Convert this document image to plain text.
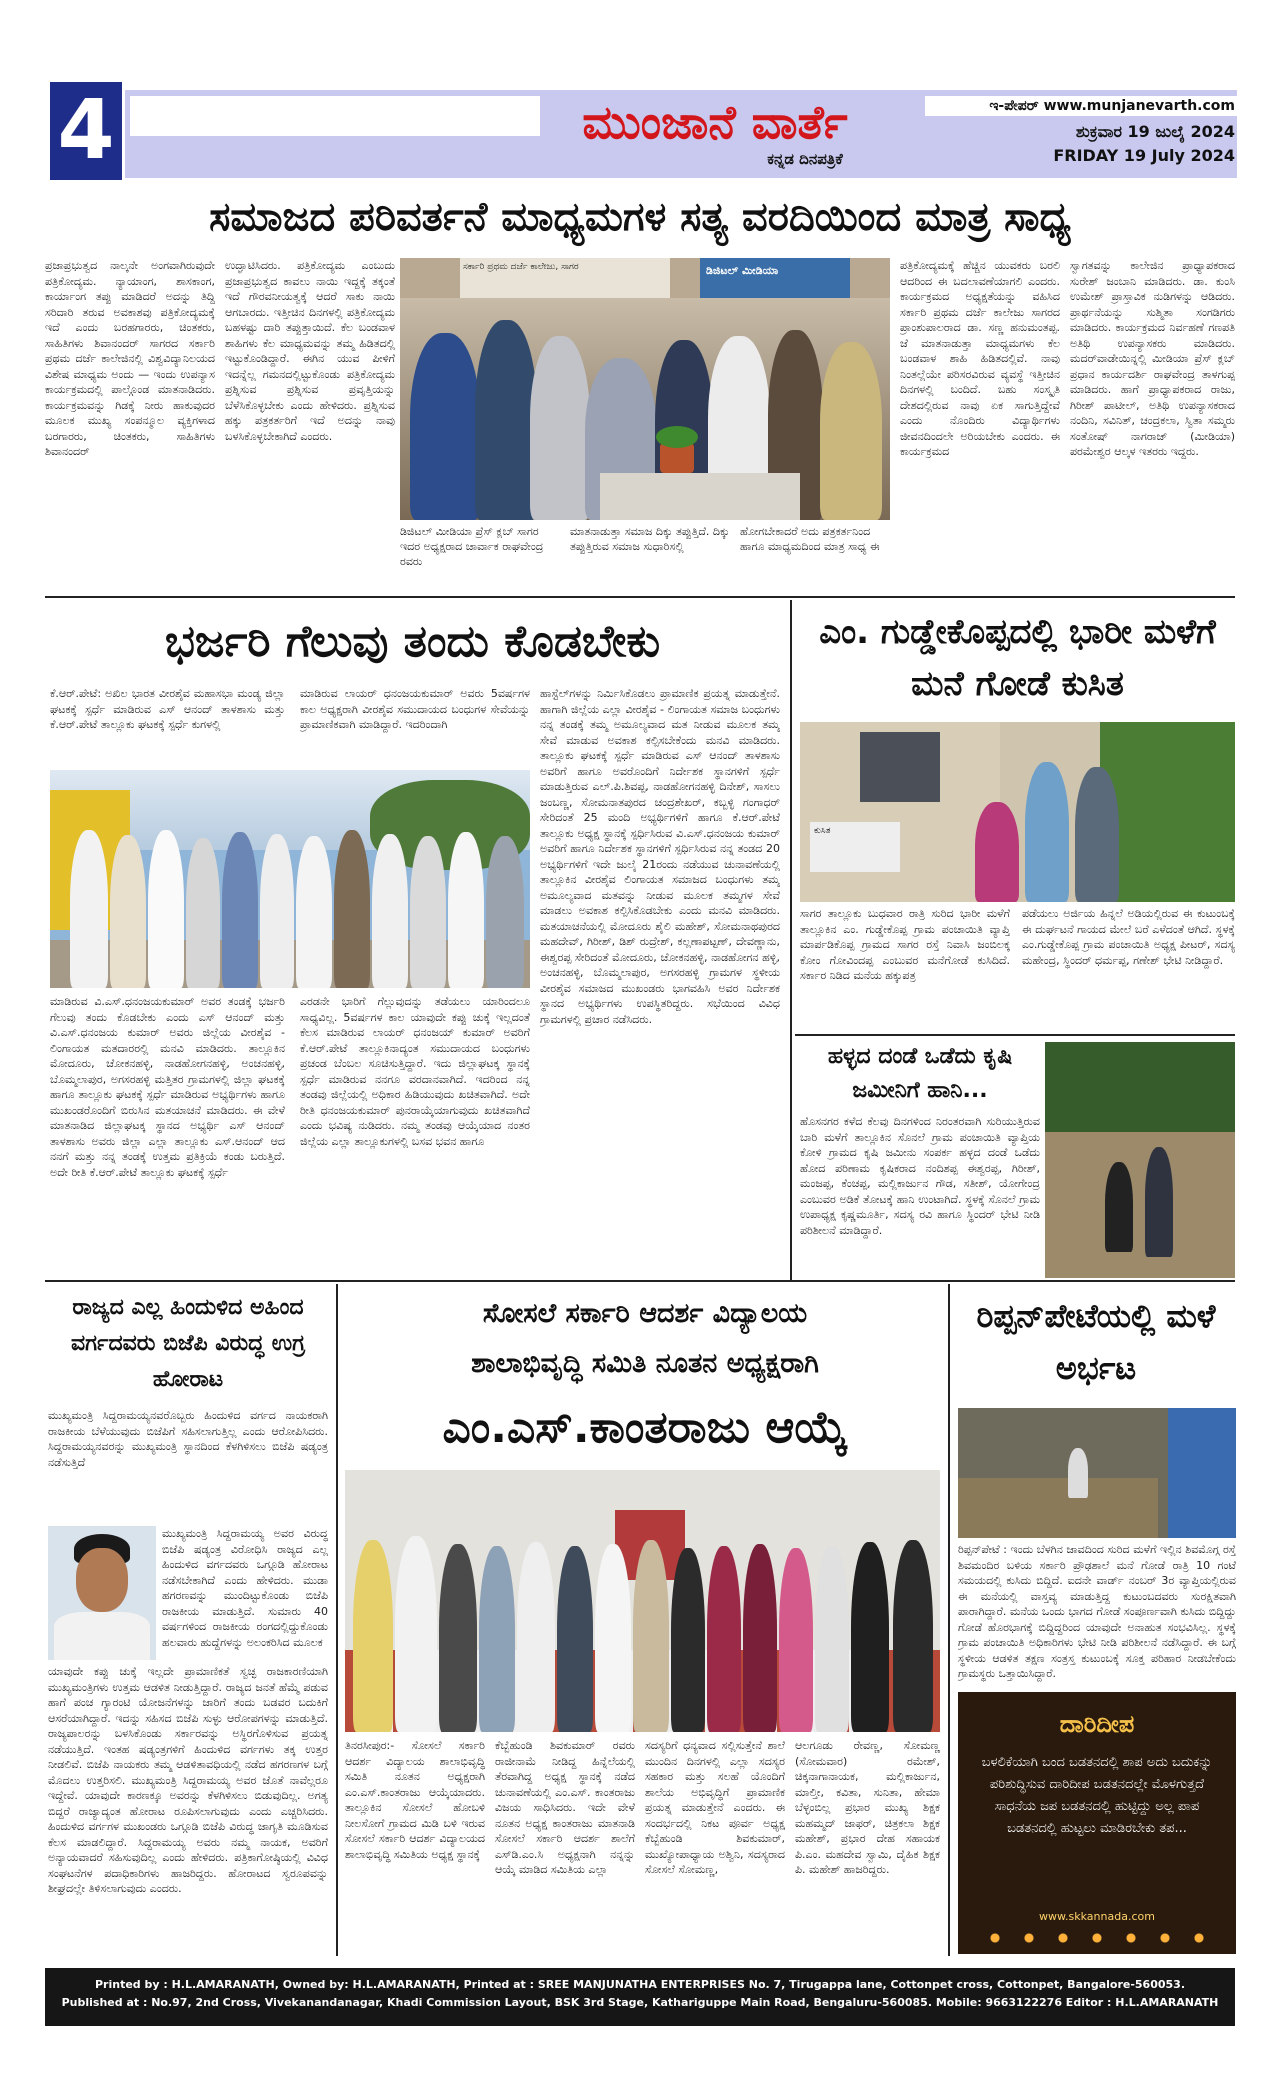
4	ಮುಂಜಾನೆ ವಾರ್ತೆ
ಕನ್ನಡ ದಿನಪತ್ರಿಕೆ
ಇ-ಪೇಪರ್ www.munjanevarth.com
ಶುಕ್ರವಾರ 19 ಜುಲೈ 2024
FRIDAY 19 July 2024
ಸಮಾಜದ ಪರಿವರ್ತನೆ ಮಾಧ್ಯಮಗಳ ಸತ್ಯ ವರದಿಯಿಂದ ಮಾತ್ರ ಸಾಧ್ಯ
ಪ್ರಜಾಪ್ರಭುತ್ವದ ನಾಲ್ಕನೇ ಅಂಗವಾಗಿರುವುದೇ ಪತ್ರಿಕೋದ್ಯಮ. ನ್ಯಾಯಾಂಗ, ಶಾಸಕಾಂಗ, ಕಾರ್ಯಾಂಗ ತಪ್ಪು ಮಾಡಿದರೆ ಅದನ್ನು ತಿದ್ದಿ ಸರಿದಾರಿ ತರುವ ಅವಕಾಶವು ಪತ್ರಿಕೋದ್ಯಮಕ್ಕೆ ಇದೆ ಎಂದು ಬರಹಗಾರರು, ಚಿಂತಕರು, ಸಾಹಿತಿಗಳು ಶಿವಾನಂದರ್ ಸಾಗರದ ಸರ್ಕಾರಿ ಪ್ರಥಮ ದರ್ಜೆ ಕಾಲೇಜಿನಲ್ಲಿ ವಿಶ್ವವಿದ್ಯಾನಿಲಯದ ವಿಶೇಷ ಮಾಧ್ಯಮ ಅಂದು — ಇಂದು ಉಪನ್ಯಾಸ ಕಾರ್ಯಕ್ರಮದಲ್ಲಿ ಪಾಲ್ಗೊಂಡ ಮಾತನಾಡಿದರು. ಕಾರ್ಯಕ್ರಮವನ್ನು ಗಿಡಕ್ಕೆ ನೀರು ಹಾಕುವುದರ ಮೂಲಕ ಮುಖ್ಯ ಸಂಪನ್ಮೂಲ ವ್ಯಕ್ತಿಗಳಾದ ಬರಗಾರರು, ಚಿಂತಕರು, ಸಾಹಿತಿಗಳು ಶಿವಾನಂದರ್
ಉದ್ಘಾಟಿಸಿದರು. ಪತ್ರಿಕೋದ್ಯಮ ಎಂಬುದು ಪ್ರಜಾಪ್ರಭುತ್ವದ ಕಾವಲು ನಾಯಿ ಇದ್ದಕ್ಕೆ ತಕ್ಕಂತೆ ಇದೆ ಗೌರವನೀಯತ್ವಕ್ಕೆ ಆದರೆ ಸಾಕು ನಾಯಿ ಆಗಬಾರದು. ಇತ್ತೀಚಿನ ದಿನಗಳಲ್ಲಿ ಪತ್ರಿಕೋದ್ಯಮ ಬಹಳಷ್ಟು ದಾರಿ ತಪ್ಪುತ್ತಾಯಿದೆ. ಕೆಲ ಬಂಡವಾಳ ಶಾಹಿಗಳು ಕೆಲ ಮಾಧ್ಯಮವನ್ನು ತಮ್ಮ ಹಿಡಿತದಲ್ಲಿ ಇಟ್ಟುಕೊಂಡಿದ್ದಾರೆ. ಈಗಿನ ಯುವ ಪೀಳಿಗೆ ಇದನ್ನೆಲ್ಲ ಗಮನದಲ್ಲಿಟ್ಟುಕೊಂಡು ಪತ್ರಿಕೋದ್ಯಮ ಪ್ರಶ್ನಿಸುವ ಪ್ರಶ್ನಿಸುವ ಪ್ರವೃತ್ತಿಯನ್ನು ಬೆಳೆಸಿಕೊಳ್ಳಬೇಕು ಎಂದು ಹೇಳಿದರು. ಪ್ರಶ್ನಿಸುವ ಹಕ್ಕು ಪತ್ರಕರ್ತರಿಗೆ ಇದೆ ಅದನ್ನು ನಾವು ಬಳಸಿಕೊಳ್ಳಬೇಕಾಗಿದೆ ಎಂದರು.
ಸರ್ಕಾರಿ ಪ್ರಥಮ ದರ್ಜೆ ಕಾಲೇಜು, ಸಾಗರ	ಡಿಜಿಟಲ್ ಮೀಡಿಯಾ
ಡಿಜಿಟಲ್ ಮೀಡಿಯಾ ಪ್ರೆಸ್ ಕ್ಲಬ್ ಸಾಗರ ಇದರ ಅಧ್ಯಕ್ಷರಾದ ಚಾರ್ವಾಕ ರಾಘವೇಂದ್ರ ರವರು
ಮಾತನಾಡುತ್ತಾ ಸಮಾಜ ದಿಕ್ಕು ತಪ್ಪುತ್ತಿದೆ. ದಿಕ್ಕು ತಪ್ಪುತ್ತಿರುವ ಸಮಾಜ ಸುಧಾರಿಸಲ್ಲಿ
ಹೋಗಬೇಕಾದರೆ ಅದು ಪತ್ರಕರ್ತನಿಂದ ಹಾಗೂ ಮಾಧ್ಯಮದಿಂದ ಮಾತ್ರ ಸಾಧ್ಯ ಈ
ಪತ್ರಿಕೋದ್ಯಮಕ್ಕೆ ಹೆಚ್ಚಿನ ಯುವಕರು ಬರಲಿ ಆದರಿಂದ ಈ ಬದಲಾವಣೆಯಾಗಲಿ ಎಂದರು. ಕಾರ್ಯಕ್ರಮದ ಅಧ್ಯಕ್ಷತೆಯನ್ನು ವಹಿಸಿದ ಸರ್ಕಾರಿ ಪ್ರಥಮ ದರ್ಜೆ ಕಾಲೇಜು ಸಾಗರದ ಪ್ರಾಂಶುಪಾಲರಾದ ಡಾ. ಸಣ್ಣ ಹನುಮಂತಪ್ಪ. ಜೆ ಮಾತನಾಡುತ್ತಾ ಮಾಧ್ಯಮಗಳು ಕೆಲ ಬಂಡವಾಳ ಶಾಹಿ ಹಿಡಿತದಲ್ಲಿವೆ. ನಾವು ನಿಂತಲ್ಲೆಯೇ ಪರಿಸರವಿರುವ ವ್ಯವಸ್ಥೆ ಇತ್ತೀಚಿನ ದಿನಗಳಲ್ಲಿ ಬಂದಿದೆ. ಬಹು ಸಂಸ್ಕೃತಿ ದೇಶದಲ್ಲಿರುವ ನಾವು ಏಕ ಸಾಗುತ್ತಿದ್ದೇವೆ ಎಂದು ನೊಂದಿರು ವಿದ್ಯಾರ್ಥಿಗಳು ಜೀವನದಿಂದಲೇ ಅರಿಯಬೇಕು ಎಂದರು. ಈ ಕಾರ್ಯಕ್ರಮದ
ಸ್ವಾಗತವನ್ನು ಕಾಲೇಜಿನ ಪ್ರಾಧ್ಯಾಪಕರಾದ ಸುರೇಶ್ ಜಂಬಾನಿ ಮಾಡಿದರು. ಡಾ. ಕುಂಸಿ ಉಮೇಶ್ ಪ್ರಾಸ್ತಾವಿಕ ನುಡಿಗಳನ್ನು ಆಡಿದರು. ಪ್ರಾರ್ಥನೆಯನ್ನು ಸುಶ್ಮಿತಾ ಸಂಗಡಿಗರು ಮಾಡಿದರು. ಕಾರ್ಯಕ್ರಮದ ನಿರ್ವಹಣೆ ಗಣಪತಿ ಅತಿಥಿ ಉಪನ್ಯಾಸಕರು ಮಾಡಿದರು. ಮದರ್‌ವಾಡೇಯಿನ್ನಲ್ಲಿ ಮೀಡಿಯಾ ಪ್ರೆಸ್ ಕ್ಲಬ್ ಪ್ರಧಾನ ಕಾರ್ಯದರ್ಶಿ ರಾಘವೇಂದ್ರ ತಾಳಗುಪ್ಪ ಮಾಡಿದರು. ಹಾಗೆ ಪ್ರಾಧ್ಯಾಪಕರಾದ ರಾಜು, ಗಿರೀಶ್ ಪಾಟೀಲ್, ಅತಿಥಿ ಉಪನ್ಯಾಸಕರಾದ ನಂದಿನಿ, ಸವಿನಿತ್, ಚಂದ್ರಕಲಾ, ಸ್ವಿತಾ ಸಮ್ಮರು ಸಂತೋಷ್ ನಾಗರಾಜ್ (ಮೀಡಿಯಾ) ಪರಮೇಶ್ವರ ಆಲ್ಕಳ ಇತರರು ಇದ್ದರು.
ಭರ್ಜರಿ ಗೆಲುವು ತಂದು ಕೊಡಬೇಕು
ಕೆ.ಆರ್.ಪೇಟೆ: ಅಖಿಲ ಭಾರತ ವೀರಶೈವ ಮಹಾಸಭಾ ಮಂಡ್ಯ ಜಿಲ್ಲಾ ಘಟಕಕ್ಕೆ ಸ್ಪರ್ಧೆ ಮಾಡಿರುವ ಎಸ್ ಆನಂದ್ ತಾಳಶಾಸು ಮತ್ತು ಕೆ.ಆರ್.ಪೇಟೆ ತಾಲ್ಲೂಕು ಘಟಕಕ್ಕೆ ಸ್ಪರ್ಧೆ ಕುಗಳಲ್ಲಿ
ಮಾಡಿರುವ ಲಾಯರ್ ಧನಂಜಯಕುಮಾರ್ ಅವರು 5ವರ್ಷಗಳ ಕಾಲ ಅಧ್ಯಕ್ಷರಾಗಿ ವೀರಶೈವ ಸಮುದಾಯದ ಬಂಧುಗಳ ಸೇವೆಯನ್ನು ಪ್ರಾಮಾಣಿಕವಾಗಿ ಮಾಡಿದ್ದಾರೆ. ಇದರಿಂದಾಗಿ
ಹಾಸ್ಟೆಲ್‌ಗಳನ್ನು ನಿರ್ಮಿಸಿಕೊಡಲು ಪ್ರಾಮಾಣಿಕ ಪ್ರಯತ್ನ ಮಾಡುತ್ತೇನೆ. ಹಾಗಾಗಿ ಜಿಲ್ಲೆಯ ಎಲ್ಲಾ ವೀರಶೈವ - ಲಿಂಗಾಯತ ಸಮಾಜ ಬಂಧುಗಳು ನನ್ನ ತಂಡಕ್ಕೆ ತಮ್ಮ ಅಮೂಲ್ಯವಾದ ಮತ ನೀಡುವ ಮೂಲಕ ತಮ್ಮ ಸೇವೆ ಮಾಡುವ ಅವಕಾಶ ಕಲ್ಪಿಸಬೇಕೆಂದು ಮನವಿ ಮಾಡಿದರು. ತಾಲ್ಲೂಕು ಘಟಕಕ್ಕೆ ಸ್ಪರ್ಧೆ ಮಾಡಿರುವ ಎಸ್ ಆನಂದ್ ತಾಳಶಾಸು ಅವರಿಗೆ ಹಾಗೂ ಅವರೊಂದಿಗೆ ನಿರ್ದೇಶಕ ಸ್ಥಾನಗಳಿಗೆ ಸ್ಪರ್ಧೆ ಮಾಡುತ್ತಿರುವ ಎಲ್.ಪಿ.ಶಿವಪ್ಪ, ನಾಡಹೋಗನಹಳ್ಳಿ ದಿನೇಶ್, ಸಾಸಲು ಜಂಬಣ್ಣ, ಸೋಮನಾತಪುರದ ಚಂದ್ರಶೇಖರ್, ಕಬ್ಬಳ್ಳಿ ಗಂಗಾಧರ್ ಸೇರಿದಂತೆ 25 ಮಂದಿ ಅಭ್ಯರ್ಥಿಗಳಿಗೆ ಹಾಗೂ ಕೆ.ಆರ್.ಪೇಟೆ ತಾಲ್ಲೂಕು ಅಧ್ಯಕ್ಷ ಸ್ಥಾನಕ್ಕೆ ಸ್ಪರ್ಧಿಸಿರುವ ವಿ.ಎಸ್.ಧನಂಜಯ ಕುಮಾರ್ ಅವರಿಗೆ ಹಾಗೂ ನಿರ್ದೇಶಕ ಸ್ಥಾನಗಳಿಗೆ ಸ್ಪರ್ಧಿಸಿರುವ ನನ್ನ ತಂಡದ 20 ಅಭ್ಯರ್ಥಿಗಳಿಗೆ ಇದೇ ಜುಲೈ 21ರಂದು ನಡೆಯುವ ಚುನಾವಣೆಯಲ್ಲಿ ತಾಲ್ಲೂಕಿನ ವೀರಶೈವ ಲಿಂಗಾಯತ ಸಮಾಜದ ಬಂಧುಗಳು ತಮ್ಮ ಅಮೂಲ್ಯವಾದ ಮತವನ್ನು ನೀಡುವ ಮೂಲಕ ತಮ್ಮಗಳ ಸೇವೆ ಮಾಡಲು ಅವಕಾಶ ಕಲ್ಪಿಸಿಕೊಡಬೇಕು ಎಂದು ಮನವಿ ಮಾಡಿದರು. ಮತಯಾಚನೆಯಲ್ಲಿ ಮೋದೂರು ಶೈಲಿ ಮಹೇಶ್, ಸೋಮನಾಥಪುರದ ಮಹದೇವ್, ಗಿರೀಶ್, ಡಿಶ್ ರುದ್ರೇಶ್, ಕಲ್ಲಣಾಪಟ್ಟಣ್, ದೇವಣ್ಣಾನು, ಈಶ್ವರಪ್ಪ ಸೇರಿದಂತೆ ಮೋದೂರು, ಚೋಕನಹಳ್ಳಿ, ನಾಡಹೋಗನ ಹಳ್ಳಿ, ಅಂಚನಹಳ್ಳಿ, ಬೊಮ್ಮಲಾಪುರ, ಅಗಸರಹಳ್ಳಿ ಗ್ರಾಮಗಳ ಸ್ಥಳೀಯ ವೀರಶೈವ ಸಮಾಜದ ಮುಖಂಡರು ಭಾಗವಹಿಸಿ ಅವರ ನಿರ್ದೇಶಕ ಸ್ಥಾನದ ಅಭ್ಯರ್ಥಿಗಳು ಉಪಸ್ಥಿತರಿದ್ದರು. ಸಭೆಯಿಂದ ವಿವಿಧ ಗ್ರಾಮಗಳಲ್ಲಿ ಪ್ರಚಾರ ನಡೆಸಿದರು.
ಮಾಡಿರುವ ವಿ.ಎಸ್.ಧನಂಜಯಕುಮಾರ್ ಅವರ ತಂಡಕ್ಕೆ ಭರ್ಜರಿ ಗೆಲುವು ತಂದು ಕೊಡಬೇಕು ಎಂದು ಎಸ್ ಆನಂದ್ ಮತ್ತು ವಿ.ಎಸ್.ಧನಂಜಯ ಕುಮಾರ್ ಅವರು ಜಿಲ್ಲೆಯ ವೀರಶೈವ - ಲಿಂಗಾಯತ ಮತದಾರರಲ್ಲಿ ಮನವಿ ಮಾಡಿದರು. ತಾಲ್ಲೂಕಿನ ಮೋದೂರು, ಚೋಕನಹಳ್ಳಿ, ನಾಡಹೋಗನಹಳ್ಳಿ, ಅಂಚನಹಳ್ಳಿ, ಬೊಮ್ಮಲಾಪುರ, ಅಗಸರಹಳ್ಳಿ ಮತ್ತಿತರ ಗ್ರಾಮಗಳಲ್ಲಿ ಜಿಲ್ಲಾ ಘಟಕಕ್ಕೆ ಹಾಗೂ ತಾಲ್ಲೂಕು ಘಟಕಕ್ಕೆ ಸ್ಪರ್ಧೆ ಮಾಡಿರುವ ಅಭ್ಯರ್ಥಿಗಳು ಹಾಗೂ ಮುಖಂಡರೊಂದಿಗೆ ಬಿರುಸಿನ ಮತಯಾಚನೆ ಮಾಡಿದರು. ಈ ವೇಳೆ ಮಾತನಾಡಿದ ಜಿಲ್ಲಾಘಟಕ್ಕ ಸ್ಥಾನದ ಅಭ್ಯರ್ಥಿ ಎಸ್ ಆನಂದ್ ತಾಳಶಾಸು ಅವರು ಜಿಲ್ಲಾ ಎಲ್ಲಾ ತಾಲ್ಲೂಕು ಎಸ್.ಆನಂದ್ ಆದ ನನಗೆ ಮತ್ತು ನನ್ನ ತಂಡಕ್ಕೆ ಉತ್ತಮ ಪ್ರತಿಕ್ರಿಯೆ ಕಂಡು ಬರುತ್ತಿದೆ. ಅದೇ ರೀತಿ ಕೆ.ಆರ್.ಪೇಟೆ ತಾಲ್ಲೂಕು ಘಟಕಕ್ಕೆ ಸ್ಪರ್ಧೆ
ಎರಡನೇ ಭಾರಿಗೆ ಗೆಲ್ಲುವುದನ್ನು ತಡೆಯಲು ಯಾರಿಂದಲೂ ಸಾಧ್ಯವಿಲ್ಲ. 5ವರ್ಷಗಳ ಕಾಲ ಯಾವುದೇ ಕಪ್ಪು ಚುಕ್ಕೆ ಇಲ್ಲದಂತೆ ಕೆಲಸ ಮಾಡಿರುವ ಲಾಯರ್ ಧನಂಜಯ್ ಕುಮಾರ್ ಅವರಿಗೆ ಕೆ.ಆರ್.ಪೇಟೆ ತಾಲ್ಲೂಕಿನಾದ್ಯಂತ ಸಮುದಾಯದ ಬಂಧುಗಳು ಪ್ರಚಂಡ ಬೆಂಬಲ ಸೂಚಿಸುತ್ತಿದ್ದಾರೆ. ಇದು ಜಿಲ್ಲಾಘಟಕ್ಕ ಸ್ಥಾನಕ್ಕೆ ಸ್ಪರ್ಧೆ ಮಾಡಿರುವ ನನಗೂ ವರದಾನವಾಗಿದೆ. ಇದರಿಂದ ನನ್ನ ತಂಡವು ಜಿಲ್ಲೆಯಲ್ಲಿ ಅಧಿಕಾರ ಹಿಡಿಯುವುದು ಖಚಿತವಾಗಿದೆ. ಅದೇ ರೀತಿ ಧನಂಜಯಕುಮಾರ್ ಪುನರಾಯ್ಕೆಯಾಗುವುದು ಖಚಿತವಾಗಿದೆ ಎಂದು ಭವಿಷ್ಯ ನುಡಿದರು. ನಮ್ಮ ತಂಡವು ಆಯ್ಕೆಯಾದ ನಂತರ ಜಿಲ್ಲೆಯ ಎಲ್ಲಾ ತಾಲ್ಲೂಕುಗಳಲ್ಲಿ ಬಸವ ಭವನ ಹಾಗೂ
ಎಂ. ಗುಡ್ಡೇಕೊಪ್ಪದಲ್ಲಿ ಭಾರೀ ಮಳೆಗೆ ಮನೆ ಗೋಡೆ ಕುಸಿತ
ಕುಸಿತ
ಸಾಗರ ತಾಲ್ಲೂಕು ಬುಧವಾರ ರಾತ್ರಿ ಸುರಿದ ಭಾರೀ ಮಳೆಗೆ ತಾಲ್ಲೂಕಿನ ಎಂ. ಗುಡ್ಡೇಕೊಪ್ಪ ಗ್ರಾಮ ಪಂಚಾಯಿತಿ ವ್ಯಾಪ್ತಿ ಮಾರ್ಪಡಿಕೊಪ್ಪ ಗ್ರಾಮದ ಸಾಗರ ರಸ್ತೆ ನಿವಾಸಿ ಜಂಬಿಲಕ್ಕ ಕೋಂ ಗೋವಿಂದಪ್ಪ ಎಂಬುವರ ಮನೆಗೋಡೆ ಕುಸಿದಿದೆ. ಸರ್ಕಾರ ನಿಡಿದ ಮನೆಯ ಹಕ್ಕುಪತ್ರ
ಪಡೆಯಲು ಅರ್ಜಿಯ ಹಿನ್ನಲೆ ಅಡಿಯಲ್ಲಿರುವ ಈ ಕುಟುಂಬಕ್ಕೆ ಈ ದುರ್ಘಟನೆ ಗಾಯದ ಮೇಲೆ ಬರೆ ಎಳೆದಂತೆ ಆಗಿದೆ. ಸ್ಥಳಕ್ಕೆ ಎಂ.ಗುಡ್ಡೇಕೊಪ್ಪ ಗ್ರಾಮ ಪಂಚಾಯಿತಿ ಅಧ್ಯಕ್ಷ ಪೀಟರ್, ಸದಸ್ಯ ಮಹೇಂದ್ರ, ಸ್ಥಿಂದರ್ ಧರ್ಮಪ್ಪ, ಗಣೇಶ್ ಭೇಟಿ ನೀಡಿದ್ದಾರೆ.
ಹಳ್ಳದ ದಂಡೆ ಒಡೆದು ಕೃಷಿ ಜಮೀನಿಗೆ ಹಾನಿ...
ಹೊಸನಗರ ಕಳೆದ ಕೆಲವು ದಿನಗಳಿಂದ ನಿರಂತರವಾಗಿ ಸುರಿಯುತ್ತಿರುವ ಬಾರಿ ಮಳೆಗೆ ತಾಲ್ಲೂಕಿನ ಸೊನಲೆ ಗ್ರಾಮ ಪಂಚಾಯಿತಿ ವ್ಯಾಪ್ತಿಯ ಕೋಳಿ ಗ್ರಾಮದ ಕೃಷಿ ಜಮೀನು ಸಂಪರ್ಕ ಹಳ್ಳದ ದಂಡೆ ಒಡೆದು ಹೋದ ಪರಿಣಾಮ ಕೃಷಿಕರಾದ ನಂದಿಶಪ್ಪ ಈಶ್ವರಪ್ಪ, ಗಿರೀಶ್, ಮಂಜಪ್ಪ, ಕೆಂಚಪ್ಪ, ಮಲ್ಲಿಕಾರ್ಜುನ ಗೌಡ, ಸತೀಶ್, ಯೋಗೇಂದ್ರ ಎಂಬುವರ ಅಡಿಕೆ ತೋಟಕ್ಕೆ ಹಾನಿ ಉಂಟಾಗಿದೆ. ಸ್ಥಳಕ್ಕೆ ಸೊನಲೆ ಗ್ರಾಮ ಉಪಾಧ್ಯಕ್ಷ ಕೃಷ್ಣಮೂರ್ತಿ, ಸದಸ್ಯ ರವಿ ಹಾಗೂ ಸ್ಥಿಂದರ್ ಭೇಟಿ ನೀಡಿ ಪರಿಶೀಲನೆ ಮಾಡಿದ್ದಾರೆ.
ರಾಜ್ಯದ ಎಲ್ಲ ಹಿಂದುಳಿದ ಅಹಿಂದ ವರ್ಗದವರು ಬಿಜೆಪಿ ವಿರುದ್ಧ ಉಗ್ರ ಹೋರಾಟ
ಮುಖ್ಯಮಂತ್ರಿ ಸಿದ್ದರಾಮಯ್ಯನವರೊಬ್ಬರು ಹಿಂದುಳಿದ ವರ್ಗದ ನಾಯಕರಾಗಿ ರಾಜಕೀಯ ಬೆಳೆಯುವುದು ಬಿಜೆಪಿಗೆ ಸಹಿಸಲಾಗುತ್ತಿಲ್ಲ ಎಂದು ಆರೋಪಿಸಿದರು. ಸಿದ್ದರಾಮಯ್ಯನವರನ್ನು ಮುಖ್ಯಮಂತ್ರಿ ಸ್ಥಾನದಿಂದ ಕೆಳಗಿಳಿಸಲು ಬಿಜೆಪಿ ಷಡ್ಯಂತ್ರ ನಡೆಸುತ್ತಿದೆ
ಮುಖ್ಯಮಂತ್ರಿ ಸಿದ್ದರಾಮಯ್ಯ ಅವರ ವಿರುದ್ಧ ಬಿಜೆಪಿ ಷಡ್ಯಂತ್ರ ವಿರೋಧಿಸಿ ರಾಜ್ಯದ ಎಲ್ಲ ಹಿಂದುಳಿದ ವರ್ಗದವರು ಒಗ್ಗೂಡಿ ಹೋರಾಟ ನಡೆಸಬೇಕಾಗಿದೆ ಎಂದು ಹೇಳಿದರು. ಮುಡಾ ಹಗರಣವನ್ನು ಮುಂದಿಟ್ಟುಕೊಂಡು ಬಿಜೆಪಿ ರಾಜಕೀಯ ಮಾಡುತ್ತಿದೆ. ಸುಮಾರು 40 ವರ್ಷಗಳಿಂದ ರಾಜಕೀಯ ರಂಗದಲ್ಲಿದ್ದುಕೊಂಡು ಹಲವಾರು ಹುದ್ದೆಗಳನ್ನು ಅಲಂಕರಿಸಿದ ಮೂಲಕ
ಯಾವುದೇ ಕಪ್ಪು ಚುಕ್ಕೆ ಇಲ್ಲದೇ ಪ್ರಾಮಾಣಿಕತೆ ಸ್ವಚ್ಛ ರಾಜಕಾರಣಿಯಾಗಿ ಮುಖ್ಯಮಂತ್ರಿಗಳು ಉತ್ತಮ ಆಡಳಿತ ನೀಡುತ್ತಿದ್ದಾರೆ. ರಾಜ್ಯದ ಜನತೆ ಹೆಮ್ಮೆ ಪಡುವ ಹಾಗೆ ಪಂಚ ಗ್ಯಾರಂಟಿ ಯೋಜನೆಗಳನ್ನು ಜಾರಿಗೆ ತಂದು ಬಡವರ ಬದುಕಿಗೆ ಆಸರೆಯಾಗಿದ್ದಾರೆ. ಇದನ್ನು ಸಹಿಸದ ಬಿಜೆಪಿ ಸುಳ್ಳು ಆರೋಪಗಳನ್ನು ಮಾಡುತ್ತಿದೆ. ರಾಜ್ಯಪಾಲರನ್ನು ಬಳಸಿಕೊಂಡು ಸರ್ಕಾರವನ್ನು ಅಸ್ಥಿರಗೊಳಿಸುವ ಪ್ರಯತ್ನ ನಡೆಯುತ್ತಿದೆ. ಇಂತಹ ಷಡ್ಯಂತ್ರಗಳಿಗೆ ಹಿಂದುಳಿದ ವರ್ಗಗಳು ತಕ್ಕ ಉತ್ತರ ನೀಡಲಿವೆ. ಬಿಜೆಪಿ ನಾಯಕರು ತಮ್ಮ ಆಡಳಿತಾವಧಿಯಲ್ಲಿ ನಡೆದ ಹಗರಣಗಳ ಬಗ್ಗೆ ಮೊದಲು ಉತ್ತರಿಸಲಿ. ಮುಖ್ಯಮಂತ್ರಿ ಸಿದ್ದರಾಮಯ್ಯ ಅವರ ಜೊತೆ ನಾವೆಲ್ಲರೂ ಇದ್ದೇವೆ. ಯಾವುದೇ ಕಾರಣಕ್ಕೂ ಅವರನ್ನು ಕೆಳಗಿಳಿಸಲು ಬಿಡುವುದಿಲ್ಲ. ಅಗತ್ಯ ಬಿದ್ದರೆ ರಾಜ್ಯಾದ್ಯಂತ ಹೋರಾಟ ರೂಪಿಸಲಾಗುವುದು ಎಂದು ಎಚ್ಚರಿಸಿದರು. ಹಿಂದುಳಿದ ವರ್ಗಗಳ ಮುಖಂಡರು ಒಗ್ಗೂಡಿ ಬಿಜೆಪಿ ವಿರುದ್ಧ ಜಾಗೃತಿ ಮೂಡಿಸುವ ಕೆಲಸ ಮಾಡಲಿದ್ದಾರೆ. ಸಿದ್ದರಾಮಯ್ಯ ಅವರು ನಮ್ಮ ನಾಯಕ, ಅವರಿಗೆ ಅನ್ಯಾಯವಾದರೆ ಸಹಿಸುವುದಿಲ್ಲ ಎಂದು ಹೇಳಿದರು. ಪತ್ರಿಕಾಗೋಷ್ಠಿಯಲ್ಲಿ ವಿವಿಧ ಸಂಘಟನೆಗಳ ಪದಾಧಿಕಾರಿಗಳು ಹಾಜರಿದ್ದರು. ಹೋರಾಟದ ಸ್ವರೂಪವನ್ನು ಶೀಘ್ರದಲ್ಲೇ ತಿಳಿಸಲಾಗುವುದು ಎಂದರು.
ಸೋಸಲೆ ಸರ್ಕಾರಿ ಆದರ್ಶ ವಿದ್ಯಾಲಯ
ಶಾಲಾಭಿವೃದ್ಧಿ ಸಮಿತಿ ನೂತನ ಅಧ್ಯಕ್ಷರಾಗಿ
ಎಂ.ಎಸ್.ಕಾಂತರಾಜು ಆಯ್ಕೆ
ತಿನರಸೀಪುರ:- ಸೋಸಲೆ ಸರ್ಕಾರಿ ಆದರ್ಶ ವಿದ್ಯಾಲಯ ಶಾಲಾಭಿವೃದ್ಧಿ ಸಮಿತಿ ನೂತನ ಅಧ್ಯಕ್ಷರಾಗಿ ಎಂ.ಎಸ್.ಕಾಂತರಾಜು ಆಯ್ಕೆಯಾದರು. ತಾಲ್ಲೂಕಿನ ಸೋಸಲೆ ಹೋಬಳಿ ನೀಲಸೋಗೆ ಗ್ರಾಮದ ಮಿಡಿ ಬಳಿ ಇರುವ ಸೋಸಲೆ ಸರ್ಕಾರಿ ಆದರ್ಶ ವಿದ್ಯಾಲಯದ ಶಾಲಾಭಿವೃದ್ಧಿ ಸಮಿತಿಯ ಅಧ್ಯಕ್ಷ ಸ್ಥಾನಕ್ಕೆ
ಕೆಬ್ಬೆಹುಂಡಿ ಶಿವಕುಮಾರ್ ರವರು ರಾಜೀನಾಮೆ ನೀಡಿದ್ದ ಹಿನ್ನೆಲೆಯಲ್ಲಿ ತೆರವಾಗಿದ್ದ ಅಧ್ಯಕ್ಷ ಸ್ಥಾನಕ್ಕೆ ನಡೆದ ಚುನಾವಣೆಯಲ್ಲಿ ಎಂ.ಎಸ್. ಕಾಂತರಾಜು ವಿಜಯ ಸಾಧಿಸಿದರು. ಇದೇ ವೇಳೆ ನೂತನ ಅಧ್ಯಕ್ಷ ಕಾಂತರಾಜು ಮಾತನಾಡಿ ಸೋಸಲೆ ಸರ್ಕಾರಿ ಆದರ್ಶ ಶಾಲೆಗೆ ಎಸ್‌ಡಿ.ಎಂ.ಸಿ ಅಧ್ಯಕ್ಷನಾಗಿ ನನ್ನನ್ನು ಆಯ್ಕೆ ಮಾಡಿದ ಸಮಿತಿಯ ಎಲ್ಲಾ
ಸದಸ್ಯರಿಗೆ ಧನ್ಯವಾದ ಸಲ್ಲಿಸುತ್ತೇನೆ ಶಾಲೆ ಮುಂದಿನ ದಿನಗಳಲ್ಲಿ ಎಲ್ಲಾ ಸದಸ್ಯರ ಸಹಕಾರ ಮತ್ತು ಸಲಹೆ ಯೊಂದಿಗೆ ಶಾಲೆಯ ಅಭಿವೃದ್ಧಿಗೆ ಪ್ರಾಮಾಣಿಕ ಪ್ರಯತ್ನ ಮಾಡುತ್ತೇನೆ ಎಂದರು. ಈ ಸಂದರ್ಭದಲ್ಲಿ ನಿಕಟ ಪೂರ್ವ ಅಧ್ಯಕ್ಷ ಕೆಬ್ಬೆಹುಂಡಿ ಶಿವಕುಮಾರ್, ಮುಖ್ಯೋಪಾಧ್ಯಾಯ ಅಶ್ವಿನಿ, ಸದಸ್ಯರಾದ ಸೋಸಲೆ ಸೋಮಣ್ಣ,
ಆಲಗೂಡು ರೇವಣ್ಣ, ಸೋಮಣ್ಣ (ಸೋಮವಾರ) ರಮೇಶ್, ಚಿಕ್ಕನಾಗಾನಾಯಕ, ಮಲ್ಲಿಕಾರ್ಜುನ, ಮಾಲ್ತೀ, ಕವಿತಾ, ಸುನಿತಾ, ಹೇಮಾ ಬೆಳ್ಳಂಬಿಲ್ಲ ಪ್ರಭಾರ ಮುಖ್ಯ ಶಿಕ್ಷಕ ಮಹಮ್ಮದ್ ಜಾಫರ್, ಚಿತ್ರಕಲಾ ಶಿಕ್ಷಕ ಮಹೇಶ್, ಪ್ರಭಾರ ದೇಹ ಸಹಾಯಕ ಪಿ.ಎಂ. ಮಹದೇವ ಸ್ವಾಮಿ, ದೈಹಿಕ ಶಿಕ್ಷಕ ಪಿ. ಮಹೇಶ್ ಹಾಜರಿದ್ದರು.
ರಿಪ್ಪನ್‌ಪೇಟೆಯಲ್ಲಿ ಮಳೆ ಅರ್ಭಟ
ರಿಪ್ಪನ್‌ಪೇಟೆ : ಇಂದು ಬೆಳಗಿನ ಜಾವದಿಂದ ಸುರಿದ ಮಳೆಗೆ ಇಲ್ಲಿನ ಶಿವಮೊಗ್ಗ ರಸ್ತೆ ಶಿವಮಂದಿರ ಬಳಿಯ ಸರ್ಕಾರಿ ಪ್ರೌಢಶಾಲೆ ಮನೆ ಗೋಡೆ ರಾತ್ರಿ 10 ಗಂಟೆ ಸಮಯದಲ್ಲಿ ಕುಸಿದು ಬಿದ್ದಿದೆ. ಐದನೇ ವಾರ್ಡ್ ನಂಬರ್ 3ರ ವ್ಯಾಪ್ತಿಯಲ್ಲಿರುವ ಈ ಮನೆಯಲ್ಲಿ ವಾಸ್ತವ್ಯ ಮಾಡುತ್ತಿದ್ದ ಕುಟುಂಬದವರು ಸುರಕ್ಷಿತವಾಗಿ ಪಾರಾಗಿದ್ದಾರೆ. ಮನೆಯ ಒಂದು ಭಾಗದ ಗೋಡೆ ಸಂಪೂರ್ಣವಾಗಿ ಕುಸಿದು ಬಿದ್ದಿದ್ದು ಗೋಡೆ ಹೊರಭಾಗಕ್ಕೆ ಬಿದ್ದಿದ್ದರಿಂದ ಯಾವುದೇ ಅನಾಹುತ ಸಂಭವಿಸಿಲ್ಲ. ಸ್ಥಳಕ್ಕೆ ಗ್ರಾಮ ಪಂಚಾಯಿತಿ ಅಧಿಕಾರಿಗಳು ಭೇಟಿ ನೀಡಿ ಪರಿಶೀಲನೆ ನಡೆಸಿದ್ದಾರೆ. ಈ ಬಗ್ಗೆ ಸ್ಥಳೀಯ ಆಡಳಿತ ತಕ್ಷಣ ಸಂತ್ರಸ್ತ ಕುಟುಂಬಕ್ಕೆ ಸೂಕ್ತ ಪರಿಹಾರ ನೀಡಬೇಕೆಂದು ಗ್ರಾಮಸ್ಥರು ಒತ್ತಾಯಿಸಿದ್ದಾರೆ.
ದಾರಿದೀಪ
ಬಳಲಿಕೆಯಾಗಿ ಬಂದ ಬಡತನದಲ್ಲಿ ಶಾಪ ಅದು ಬದುಕನ್ನು ಪರಿಶುದ್ಧಿಸುವ ದಾರಿದೀಪ ಬಡತನದಲ್ಲೇ ಮೊಳಗುತ್ತದೆ ಸಾಧನೆಯ ಜಪ ಬಡತನದಲ್ಲಿ ಹುಟ್ಟಿದ್ದು ಅಲ್ಲ ಪಾಪ ಬಡತನದಲ್ಲಿ ಹುಟ್ಟಲು ಮಾಡಿರಬೇಕು ತಪ...
www.skkannada.com
Printed by : H.L.AMARANATH, Owned by: H.L.AMARANATH, Printed at : SREE MANJUNATHA ENTERPRISES No. 7, Tirugappa lane, Cottonpet cross, Cottonpet, Bangalore-560053.
Published at : No.97, 2nd Cross, Vivekanandanagar, Khadi Commission Layout, BSK 3rd Stage, Kathariguppe Main Road, Bengaluru-560085. Mobile: 9663122276 Editor : H.L.AMARANATH
